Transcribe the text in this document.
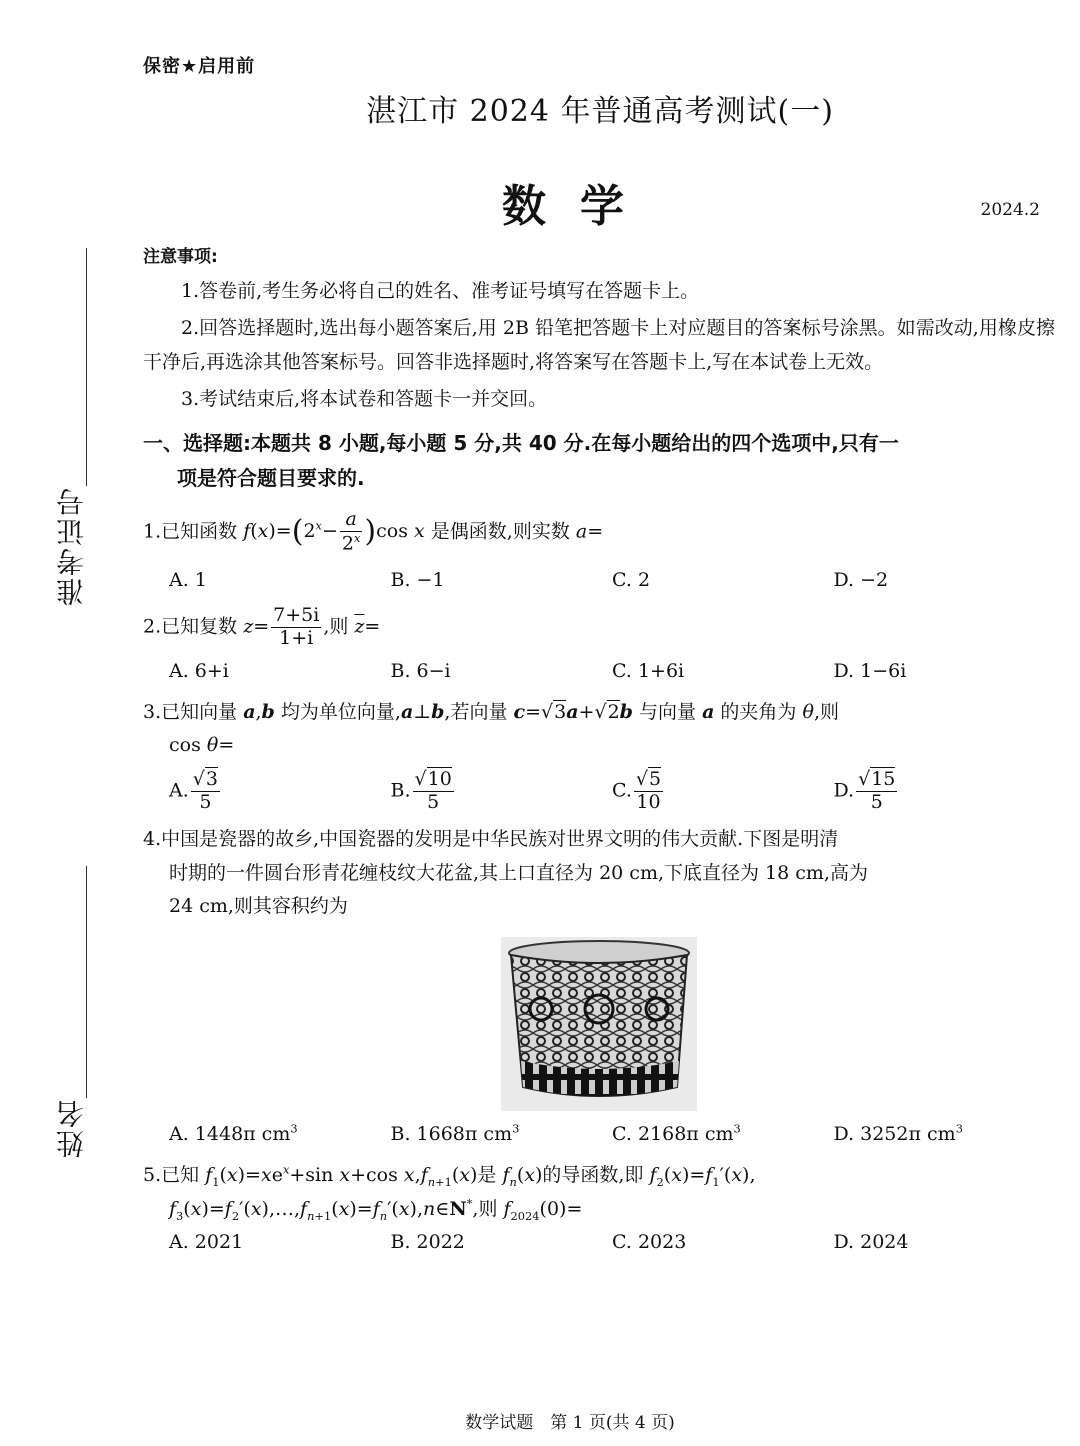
保密★启用前
湛江市 2024 年普通高考测试(一)
数学	2024.2
准考证号
姓名
注意事项:
1.答卷前,考生务必将自己的姓名、准考证号填写在答题卡上。
2.回答选择题时,选出每小题答案后,用 2B 铅笔把答题卡上对应题目的答案标号涂黑。如需改动,用橡皮擦干净后,再选涂其他答案标号。回答非选择题时,将答案写在答题卡上,写在本试卷上无效。
3.考试结束后,将本试卷和答题卡一并交回。
一、选择题:本题共 8 小题,每小题 5 分,共 40 分.在每小题给出的四个选项中,只有一
项是符合题目要求的.
1.已知函数 $f(x)=(2^x- \frac{a}{2^x} )\cos$ x 是偶函数,则实数 a=
A. 1	B. −1	C. 2	D. −2
2.已知复数 $z= \frac{7+5i}{1+i}$ ,则 $\overline{z}=$
A. 6+i	B. 6−i	C. 1+6i	D. 1−6i
3.已知向量 a,b 均为单位向量,a⊥b,若向量 c=√3a+√2b 与向量 a 的夹角为 θ,则
cos θ=
A. $\frac{√3}{5}$	B. $\frac{√10}{5}$	C. $\frac{√5}{10}$	D. $\frac{√15}{5}$
4.中国是瓷器的故乡,中国瓷器的发明是中华民族对世界文明的伟大贡献.下图是明清
时期的一件圆台形青花缠枝纹大花盆,其上口直径为 20 cm,下底直径为 18 cm,高为
24 cm,则其容积约为
A. 1448π $cm^3$	B. 1668π $cm^3$	C. 2168π $cm^3$	D. 3252π $cm^3$
5.已知 $f_1(x)=xe^x+\sin$ x+cos $x,f_{n+1}(x)$是 $f_n(x)$的导函数,即 $f_2(x)=f_1'(x)$,
$f_3(x)=f_2'(x),\dots,f_{n+1}(x)=f_n'(x),n\in N^*$,则 $f_{2024}(0)=$
A. 2021	B. 2022	C. 2023	D. 2024
数学试题　第 1 页(共 4 页)
